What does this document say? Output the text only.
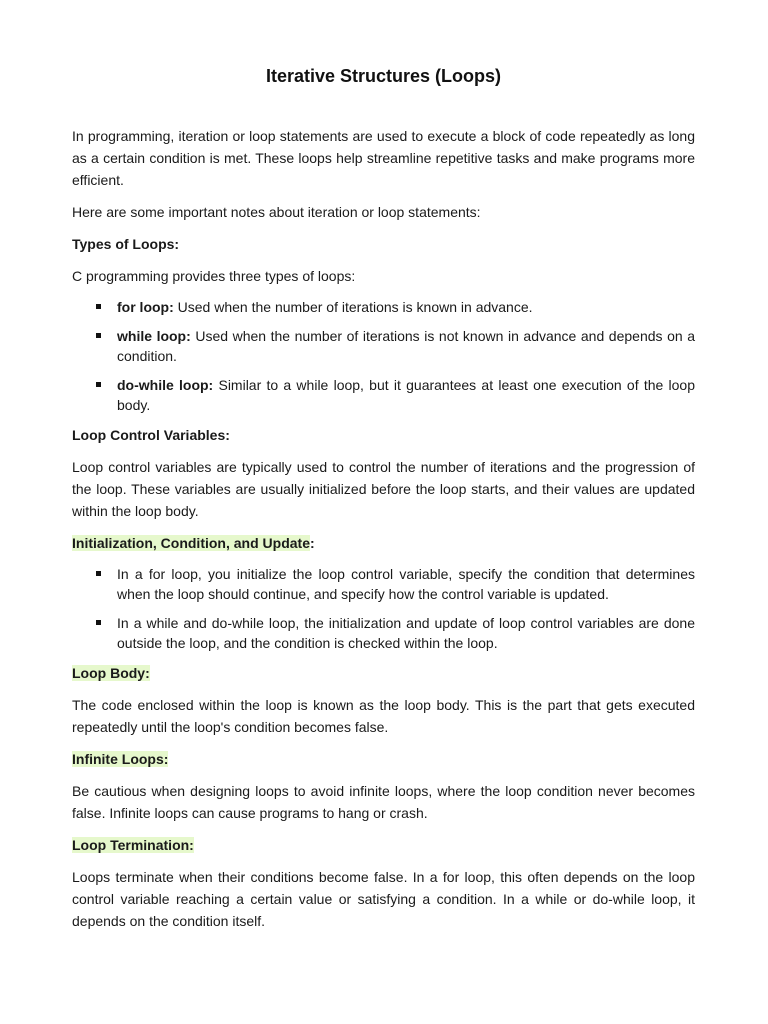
Iterative Structures (Loops)

In programming, iteration or loop statements are used to execute a block of code repeatedly as long as a certain condition is met. These loops help streamline repetitive tasks and make programs more efficient.

Here are some important notes about iteration or loop statements:

Types of Loops:

C programming provides three types of loops:

for loop: Used when the number of iterations is known in advance.
while loop: Used when the number of iterations is not known in advance and depends on a condition.
do-while loop: Similar to a while loop, but it guarantees at least one execution of the loop body.

Loop Control Variables:

Loop control variables are typically used to control the number of iterations and the progression of the loop. These variables are usually initialized before the loop starts, and their values are updated within the loop body.

Initialization, Condition, and Update:

In a for loop, you initialize the loop control variable, specify the condition that determines when the loop should continue, and specify how the control variable is updated.
In a while and do-while loop, the initialization and update of loop control variables are done outside the loop, and the condition is checked within the loop.

Loop Body:

The code enclosed within the loop is known as the loop body. This is the part that gets executed repeatedly until the loop's condition becomes false.

Infinite Loops:

Be cautious when designing loops to avoid infinite loops, where the loop condition never becomes false. Infinite loops can cause programs to hang or crash.

Loop Termination:

Loops terminate when their conditions become false. In a for loop, this often depends on the loop control variable reaching a certain value or satisfying a condition. In a while or do-while loop, it depends on the condition itself.
